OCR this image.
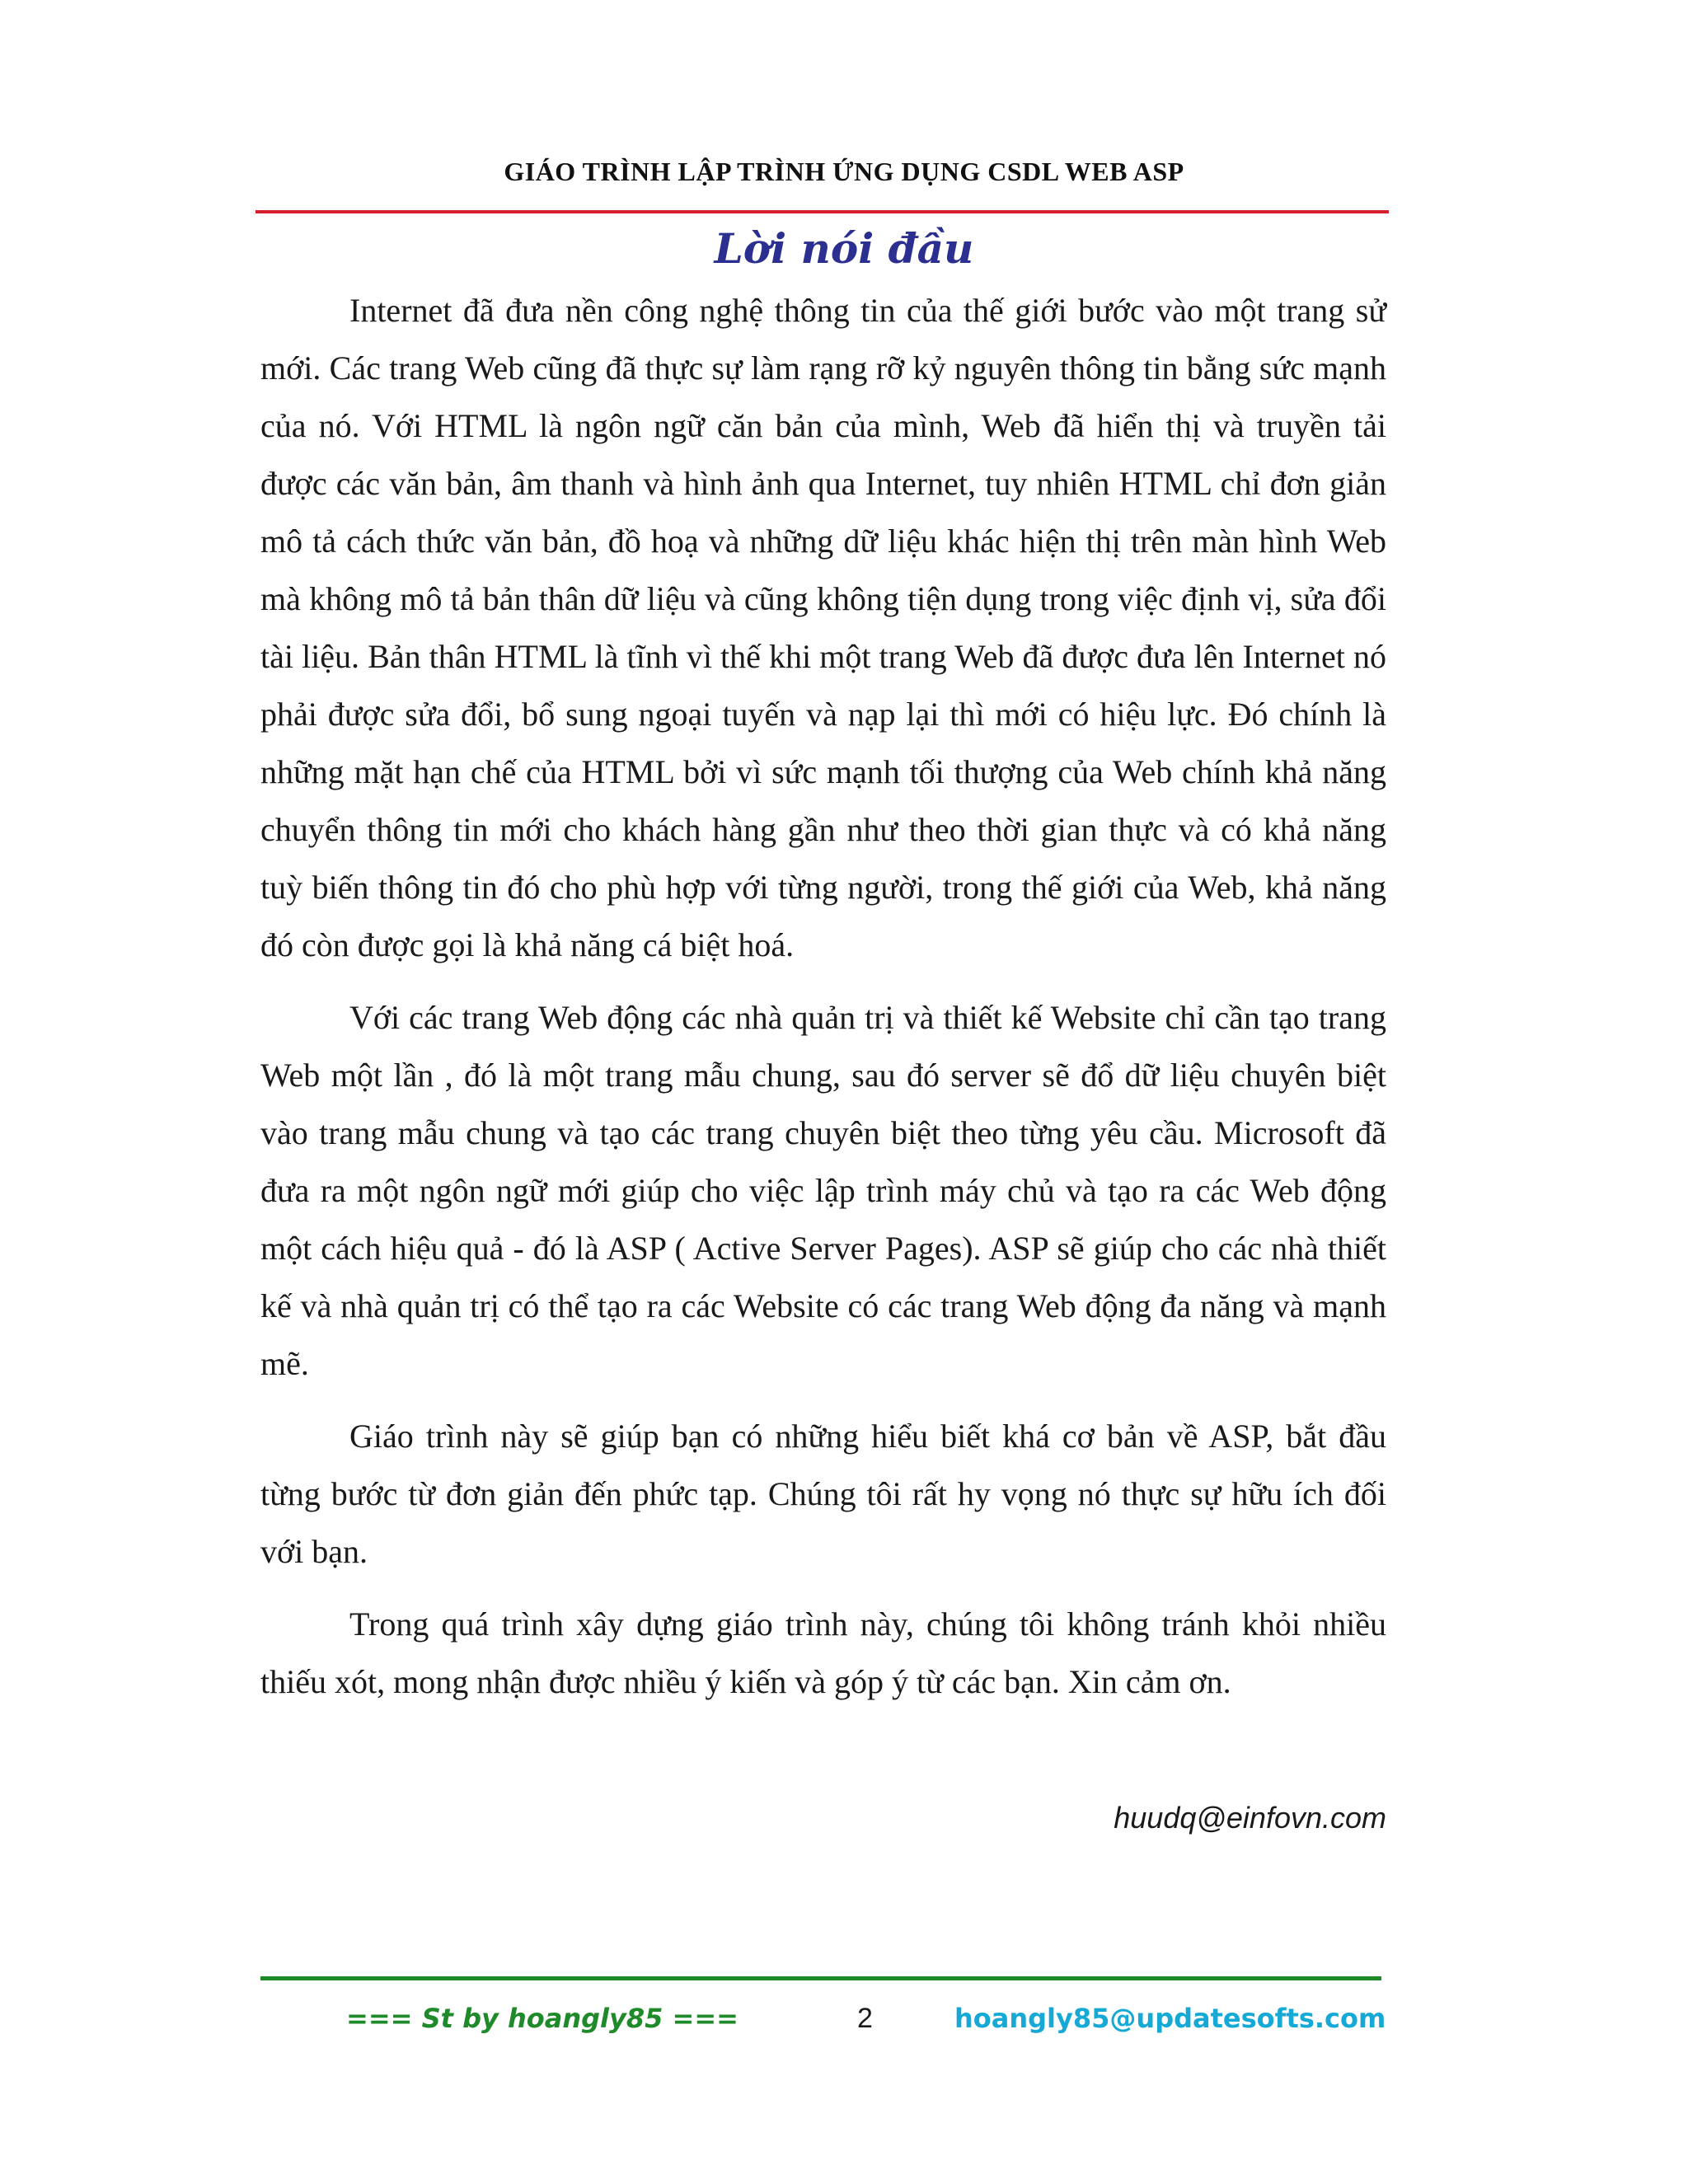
GIÁO TRÌNH LẬP TRÌNH ỨNG DỤNG CSDL WEB ASP
Lời nói đầu

Internet đã đưa nền công nghệ thông tin của thế giới bước vào một trang sử mới. Các trang Web cũng đã thực sự làm rạng rỡ kỷ nguyên thông tin bằng sức mạnh của nó. Với HTML là ngôn ngữ căn bản của mình, Web đã hiển thị và truyền tải được các văn bản, âm thanh và hình ảnh qua Internet, tuy nhiên HTML chỉ đơn giản mô tả cách thức văn bản, đồ hoạ và những dữ liệu khác hiện thị trên màn hình Web mà không mô tả bản thân dữ liệu và cũng không tiện dụng trong việc định vị, sửa đổi tài liệu. Bản thân HTML là tĩnh vì thế khi một trang Web đã được đưa lên Internet nó phải được sửa đổi, bổ sung ngoại tuyến và nạp lại thì mới có hiệu lực. Đó chính là những mặt hạn chế của HTML bởi vì sức mạnh tối thượng của Web chính khả năng chuyển thông tin mới cho khách hàng gần như theo thời gian thực và có khả năng tuỳ biến thông tin đó cho phù hợp với từng người, trong thế giới của Web, khả năng đó còn được gọi là khả năng cá biệt hoá.

Với các trang Web động các nhà quản trị và thiết kế Website chỉ cần tạo trang Web một lần , đó là một trang mẫu chung, sau đó server sẽ đổ dữ liệu chuyên biệt vào trang mẫu chung và tạo các trang chuyên biệt theo từng yêu cầu. Microsoft đã đưa ra một ngôn ngữ mới giúp cho việc lập trình máy chủ và tạo ra các Web động một cách hiệu quả - đó là ASP ( Active Server Pages). ASP sẽ giúp cho các nhà thiết kế và nhà quản trị có thể tạo ra các Website có các trang Web động đa năng và mạnh mẽ.

Giáo trình này sẽ giúp bạn có những hiểu biết khá cơ bản về ASP, bắt đầu từng bước từ đơn giản đến phức tạp. Chúng tôi rất hy vọng nó thực sự hữu ích đối với bạn.

Trong quá trình xây dựng giáo trình này, chúng tôi không tránh khỏi nhiều thiếu xót, mong nhận được nhiều ý kiến và góp ý từ các bạn. Xin cảm ơn.

huudq@einfovn.com
=== St by hoangly85 ===	2	hoangly85@updatesofts.com
